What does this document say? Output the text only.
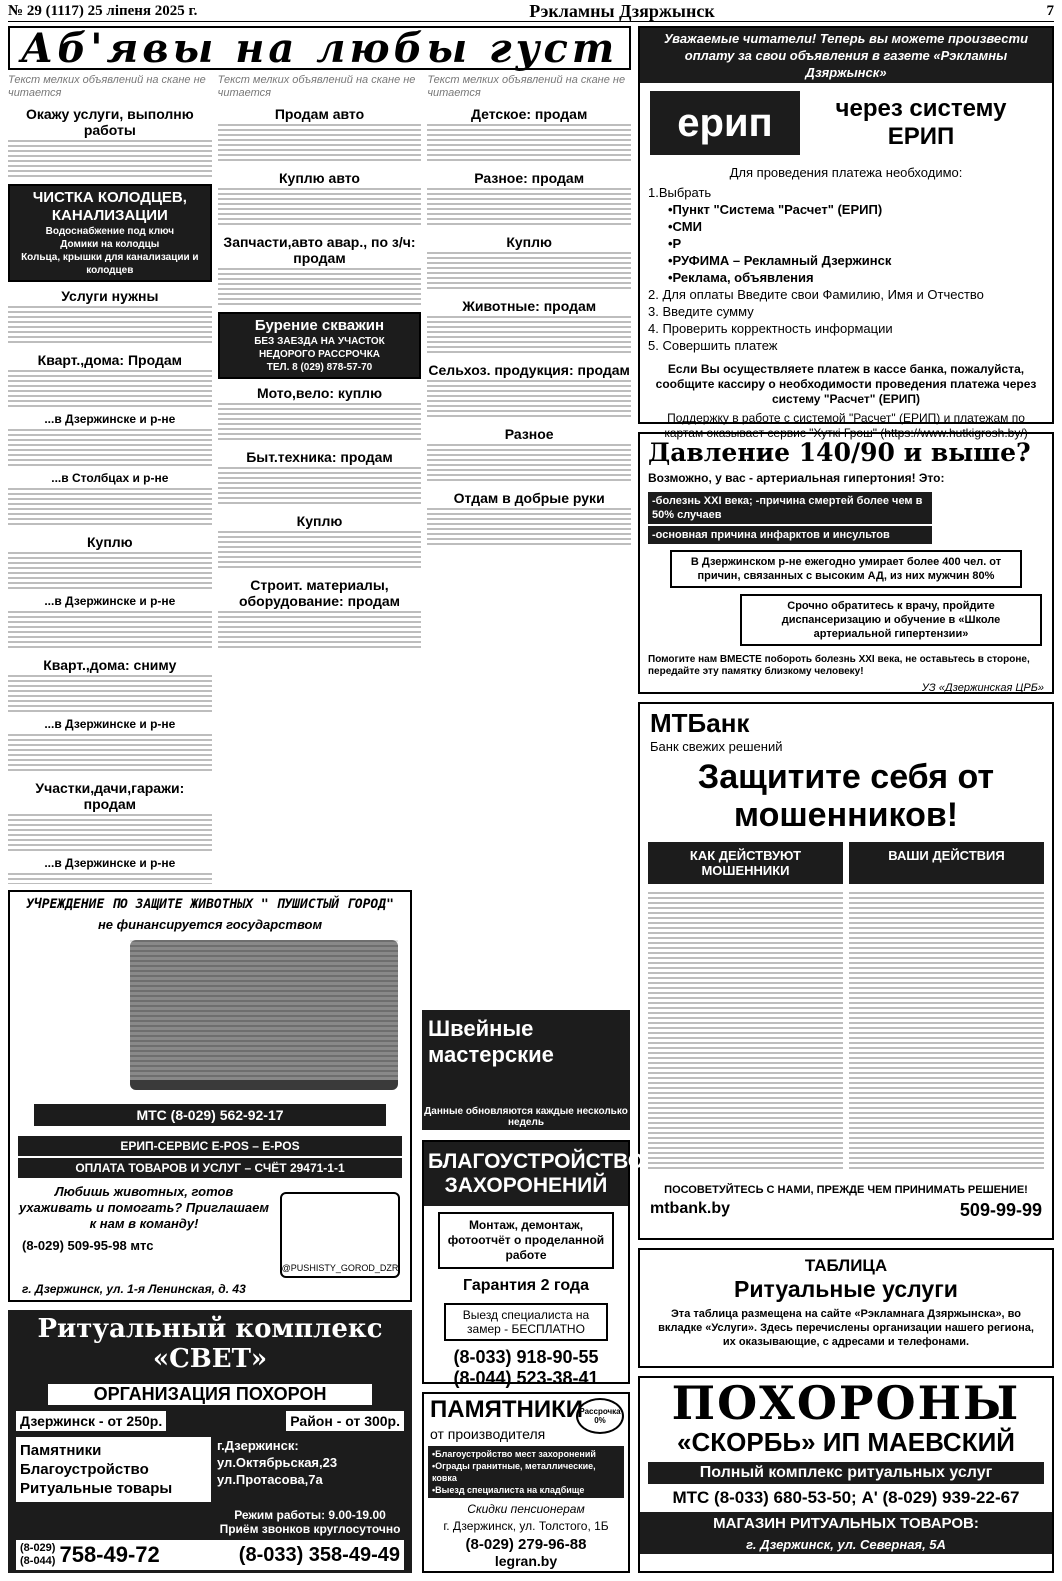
№ 29 (1117) 25 ліпеня 2025 г.	Рэкламны Дзяржынск	7
Аб'явы на любы густ
Текст мелких объявлений на скане не читается
Окажу услуги, выполню работы
ЧИСТКА КОЛОДЦЕВ, КАНАЛИЗАЦИИ
Водоснабжение под ключ
Домики на колодцы
Кольца, крышки для канализации и колодцев
Услуги нужны
Кварт.,дома: Продам
...в Дзержинске и р-не
...в Столбцах и р-не
Куплю
...в Дзержинске и р-не
Кварт.,дома: сниму
...в Дзержинске и р-не
Участки,дачи,гаражи: продам
...в Дзержинске и р-не
Текст мелких объявлений на скане не читается
Продам авто
Куплю авто
Запчасти,авто авар., по з/ч: продам
Бурение скважин
БЕЗ ЗАЕЗДА НА УЧАСТОК
НЕДОРОГО РАССРОЧКА
ТЕЛ. 8 (029) 878-57-70
Мото,вело: куплю
Быт.техника: продам
Куплю
Строит. материалы, оборудование: продам
Текст мелких объявлений на скане не читается
Детское: продам
Разное: продам
Куплю
Животные: продам
Сельхоз. продукция: продам
Разное
Отдам в добрые руки
Уважаемые читатели! Теперь вы можете произвести оплату за свои объявления в газете «Рэкламны Дзяржынск»
ерип	через систему ЕРИП
Для проведения платежа необходимо:
1.Выбрать
•Пункт "Система "Расчет" (ЕРИП)
•СМИ
•Р
•РУФИМА – Рекламный Дзержинск
•Реклама, объявления
2. Для оплаты Введите свои Фамилию, Имя и Отчество
3. Введите сумму
4. Проверить корректность информации
5. Совершить платеж
Если Вы осуществляете платеж в кассе банка, пожалуйста, сообщите кассиру о необходимости проведения платежа через систему "Расчет" (ЕРИП)
Поддержку в работе с системой "Расчет" (ЕРИП) и платежам по картам оказывает сервис "Хуткі Грош" (https://www.hutkigrosh.by/)
Давление 140/90 и выше?
Возможно, у вас - артериальная гипертония! Это:
-болезнь XXI века; -причина смертей более чем в 50% случаев
-основная причина инфарктов и инсультов
В Дзержинском р-не ежегодно умирает более 400 чел. от причин, связанных с высоким АД, из них мужчин 80%
Срочно обратитесь к врачу, пройдите диспансеризацию и обучение в «Школе артериальной гипертензии»
Помогите нам ВМЕСТЕ побороть болезнь XXI века, не оставьтесь в стороне, передайте эту памятку близкому человеку!
УЗ «Дзержинская ЦРБ»
МТБанк
Банк свежих решений
Защитите себя от мошенников!
КАК ДЕЙСТВУЮТ МОШЕННИКИ
ВАШИ ДЕЙСТВИЯ
ПОСОВЕТУЙТЕСЬ С НАМИ, ПРЕЖДЕ ЧЕМ ПРИНИМАТЬ РЕШЕНИЕ!
mtbank.by	509-99-99
ТАБЛИЦА
Ритуальные услуги
Эта таблица размещена на сайте «Рэкламнага Дзяржынска», во вкладке «Услуги». Здесь перечислены организации нашего региона, их оказывающие, с адресами и телефонами.
ПОХОРОНЫ
«СКОРБЬ» ИП МАЕВСКИЙ
Полный комплекс ритуальных услуг
МТС (8-033) 680-53-50; А' (8-029) 939-22-67
МАГАЗИН РИТУАЛЬНЫХ ТОВАРОВ:
г. Дзержинск, ул. Северная, 5А
УЧРЕЖДЕНИЕ ПО ЗАЩИТЕ ЖИВОТНЫХ " ПУШИСТЫЙ ГОРОД"
не финансируется государством
МТС (8-029) 562-92-17
ЕРИП-СЕРВИС E-POS – E-POS
ОПЛАТА ТОВАРОВ И УСЛУГ – СЧЁТ 29471-1-1
Любишь животных, готов ухаживать и помогать? Приглашаем к нам в команду!
(8-029) 509-95-98 мтс
@PUSHISTY_GOROD_DZR
г. Дзержинск, ул. 1-я Ленинская, д. 43
Швейные мастерские
Данные обновляются каждые несколько недель
БЛАГОУСТРОЙСТВО ЗАХОРОНЕНИЙ
Монтаж, демонтаж, фотоотчёт о проделанной работе
Гарантия 2 года
Выезд специалиста на замер - БЕСПЛАТНО
(8-033) 918-90-55
(8-044) 523-38-41
ПАМЯТНИКИ
от производителя
Рассрочка 0%
•Благоустройство мест захоронений
•Ограды гранитные, металлические, ковка
•Выезд специалиста на кладбище
Скидки пенсионерам
г. Дзержинск, ул. Толстого, 1Б
(8-029) 279-96-88
legran.by
Ритуальный комплекс «СВЕТ»
ОРГАНИЗАЦИЯ ПОХОРОН
Дзержинск - от 250р.	Район - от 300р.
Памятники
Благоустройство
Ритуальные товары
г.Дзержинск:
ул.Октябрьская,23
ул.Протасова,7а
Режим работы: 9.00-19.00
Приём звонков круглосуточно
(8-029)
(8-044) 758-49-72	(8-033) 358-49-49
